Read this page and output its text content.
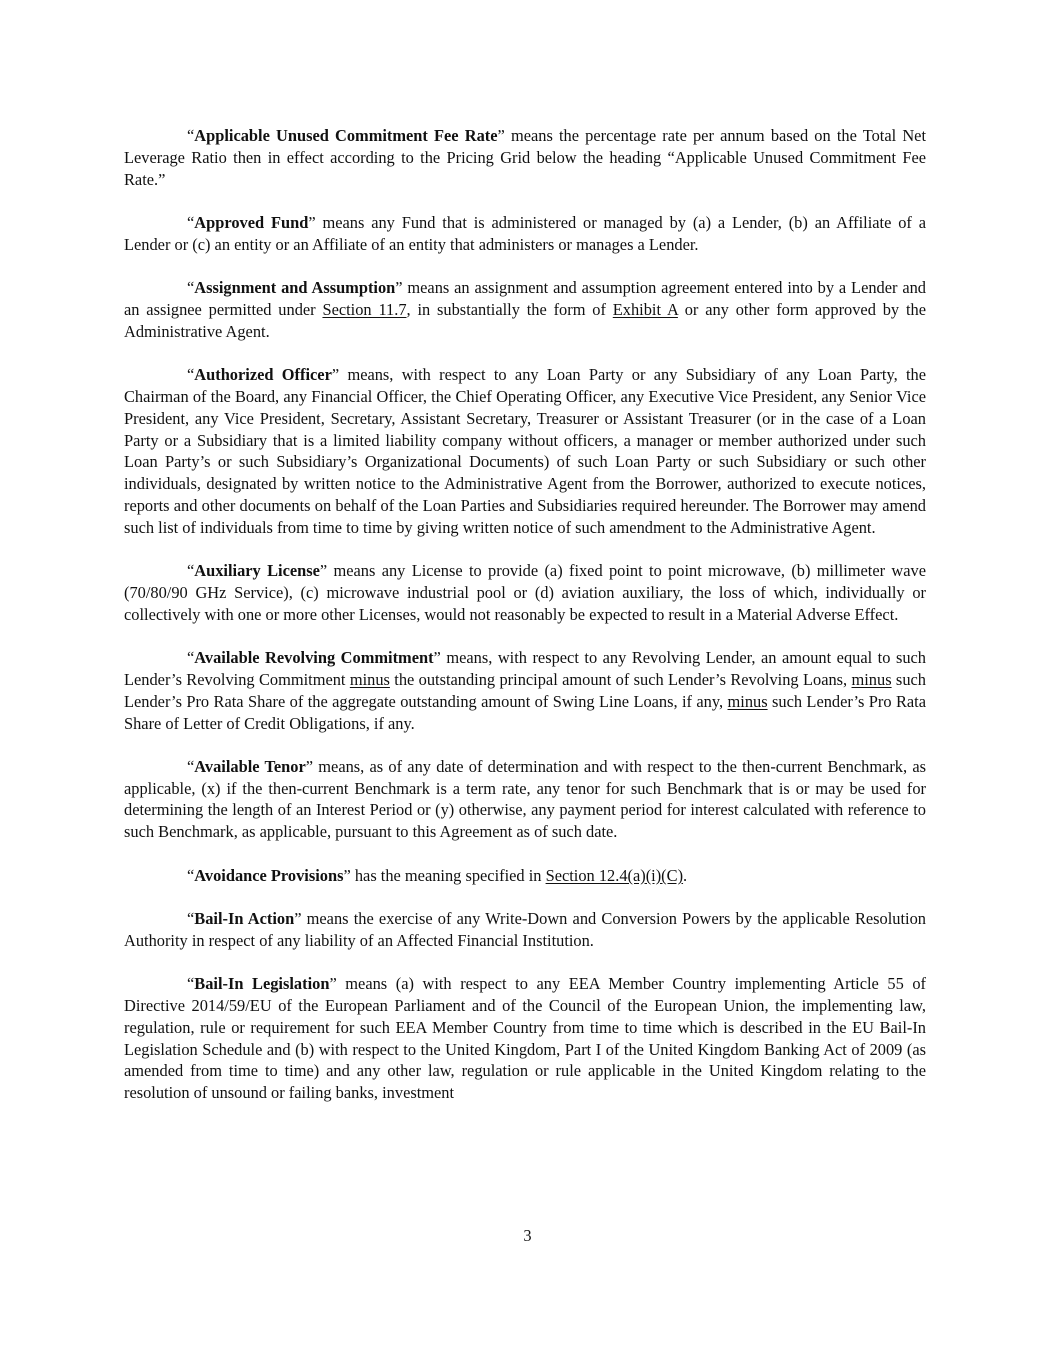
“Applicable Unused Commitment Fee Rate” means the percentage rate per annum based on the Total Net Leverage Ratio then in effect according to the Pricing Grid below the heading “Applicable Unused Commitment Fee Rate.”

“Approved Fund” means any Fund that is administered or managed by (a) a Lender, (b) an Affiliate of a Lender or (c) an entity or an Affiliate of an entity that administers or manages a Lender.

“Assignment and Assumption” means an assignment and assumption agreement entered into by a Lender and an assignee permitted under Section 11.7, in substantially the form of Exhibit A or any other form approved by the Administrative Agent.

“Authorized Officer” means, with respect to any Loan Party or any Subsidiary of any Loan Party, the Chairman of the Board, any Financial Officer, the Chief Operating Officer, any Executive Vice President, any Senior Vice President, any Vice President, Secretary, Assistant Secretary, Treasurer or Assistant Treasurer (or in the case of a Loan Party or a Subsidiary that is a limited liability company without officers, a manager or member authorized under such Loan Party’s or such Subsidiary’s Organizational Documents) of such Loan Party or such Subsidiary or such other individuals, designated by written notice to the Administrative Agent from the Borrower, authorized to execute notices, reports and other documents on behalf of the Loan Parties and Subsidiaries required hereunder. The Borrower may amend such list of individuals from time to time by giving written notice of such amendment to the Administrative Agent.

“Auxiliary License” means any License to provide (a) fixed point to point microwave, (b) millimeter wave (70/80/90 GHz Service), (c) microwave industrial pool or (d) aviation auxiliary, the loss of which, individually or collectively with one or more other Licenses, would not reasonably be expected to result in a Material Adverse Effect.

“Available Revolving Commitment” means, with respect to any Revolving Lender, an amount equal to such Lender’s Revolving Commitment minus the outstanding principal amount of such Lender’s Revolving Loans, minus such Lender’s Pro Rata Share of the aggregate outstanding amount of Swing Line Loans, if any, minus such Lender’s Pro Rata Share of Letter of Credit Obligations, if any.

“Available Tenor” means, as of any date of determination and with respect to the then-current Benchmark, as applicable, (x) if the then-current Benchmark is a term rate, any tenor for such Benchmark that is or may be used for determining the length of an Interest Period or (y) otherwise, any payment period for interest calculated with reference to such Benchmark, as applicable, pursuant to this Agreement as of such date.

“Avoidance Provisions” has the meaning specified in Section 12.4(a)(i)(C).

“Bail-In Action” means the exercise of any Write-Down and Conversion Powers by the applicable Resolution Authority in respect of any liability of an Affected Financial Institution.

“Bail-In Legislation” means (a) with respect to any EEA Member Country implementing Article 55 of Directive 2014/59/EU of the European Parliament and of the Council of the European Union, the implementing law, regulation, rule or requirement for such EEA Member Country from time to time which is described in the EU Bail-In Legislation Schedule and (b) with respect to the United Kingdom, Part I of the United Kingdom Banking Act of 2009 (as amended from time to time) and any other law, regulation or rule applicable in the United Kingdom relating to the resolution of unsound or failing banks, investment

3
